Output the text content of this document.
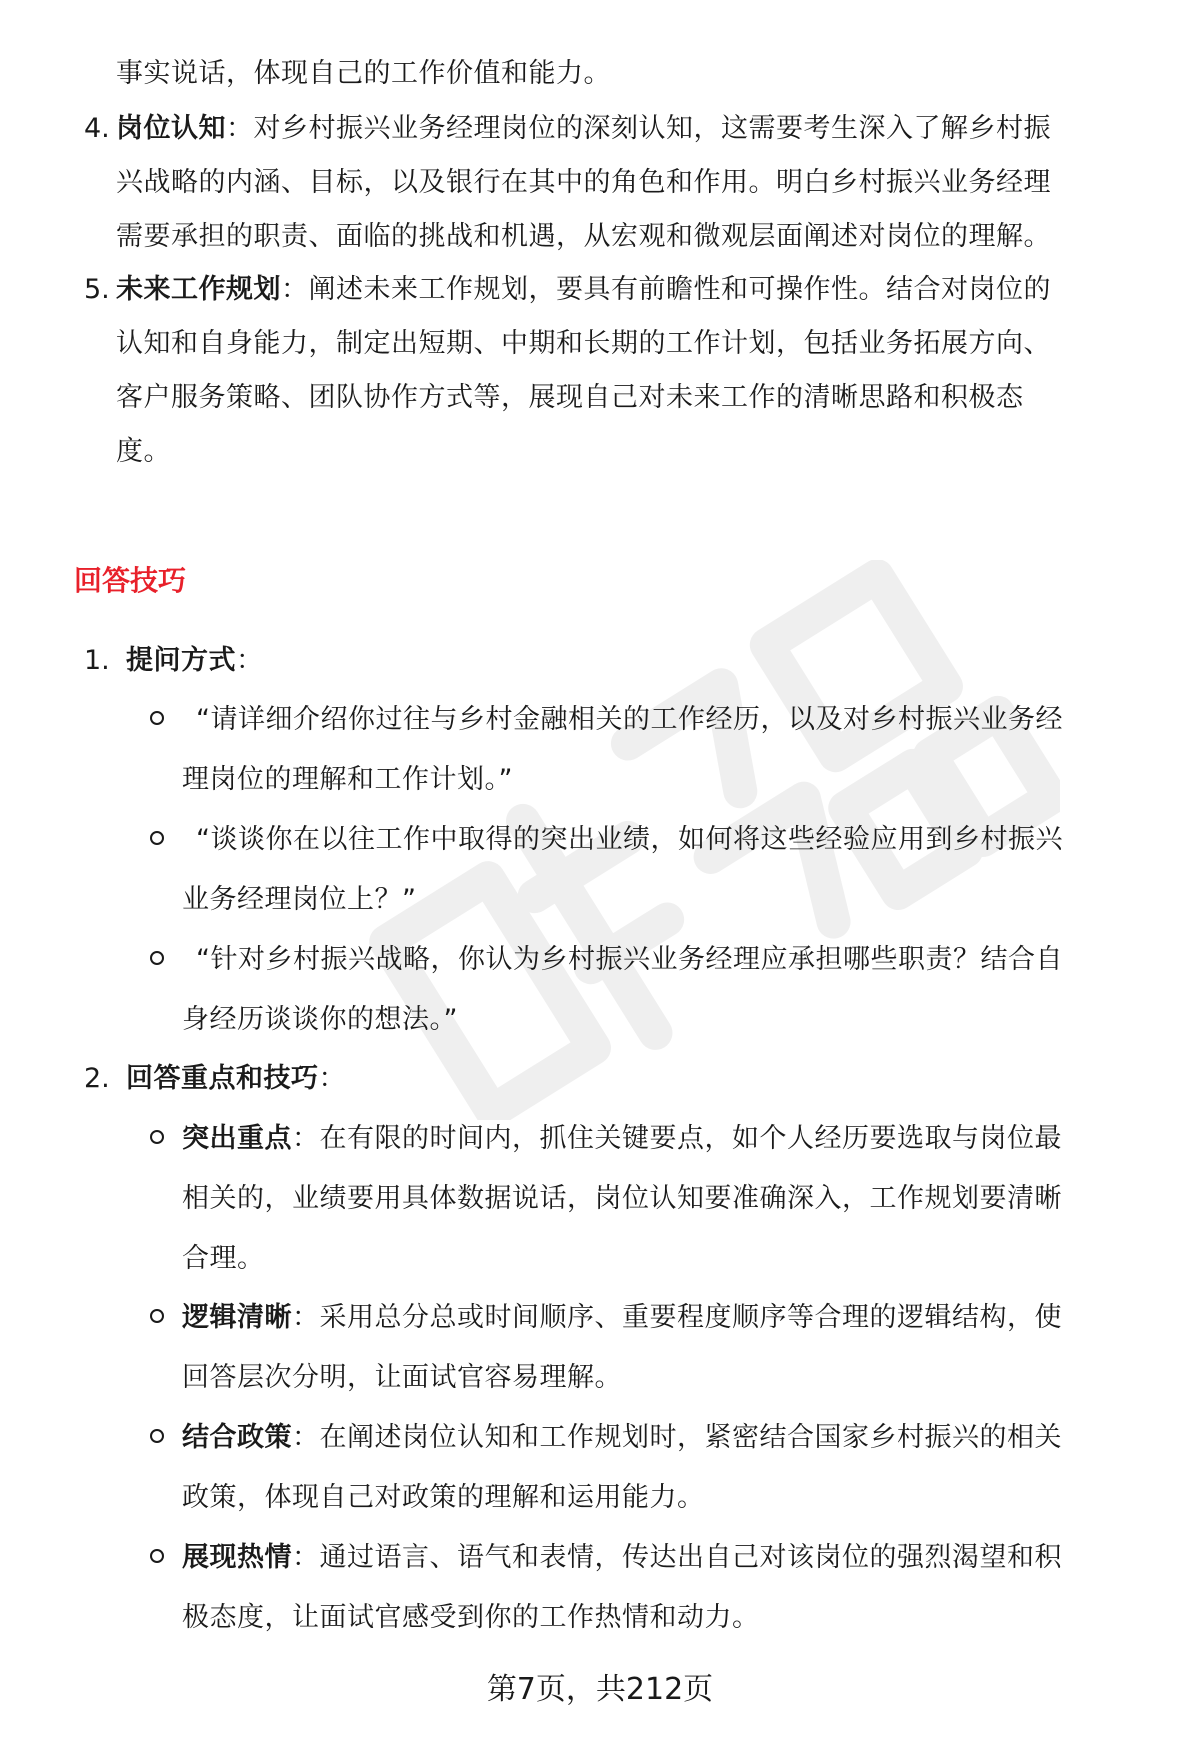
事实说话，体现自己的工作价值和能力。
4. 岗位认知：对乡村振兴业务经理岗位的深刻认知，这需要考生深入了解乡村振
兴战略的内涵、目标，以及银行在其中的角色和作用。明白乡村振兴业务经理
需要承担的职责、面临的挑战和机遇，从宏观和微观层面阐述对岗位的理解。
5. 未来工作规划：阐述未来工作规划，要具有前瞻性和可操作性。结合对岗位的
认知和自身能力，制定出短期、中期和长期的工作计划，包括业务拓展方向、
客户服务策略、团队协作方式等，展现自己对未来工作的清晰思路和积极态
度。
回答技巧
1. 提问方式：
“请详细介绍你过往与乡村金融相关的工作经历，以及对乡村振兴业务经
理岗位的理解和工作计划。”
“谈谈你在以往工作中取得的突出业绩，如何将这些经验应用到乡村振兴
业务经理岗位上？”
“针对乡村振兴战略，你认为乡村振兴业务经理应承担哪些职责？结合自
身经历谈谈你的想法。”
2. 回答重点和技巧：
突出重点：在有限的时间内，抓住关键要点，如个人经历要选取与岗位最
相关的，业绩要用具体数据说话，岗位认知要准确深入，工作规划要清晰
合理。
逻辑清晰：采用总分总或时间顺序、重要程度顺序等合理的逻辑结构，使
回答层次分明，让面试官容易理解。
结合政策：在阐述岗位认知和工作规划时，紧密结合国家乡村振兴的相关
政策，体现自己对政策的理解和运用能力。
展现热情：通过语言、语气和表情，传达出自己对该岗位的强烈渴望和积
极态度，让面试官感受到你的工作热情和动力。
第7页，共212页
